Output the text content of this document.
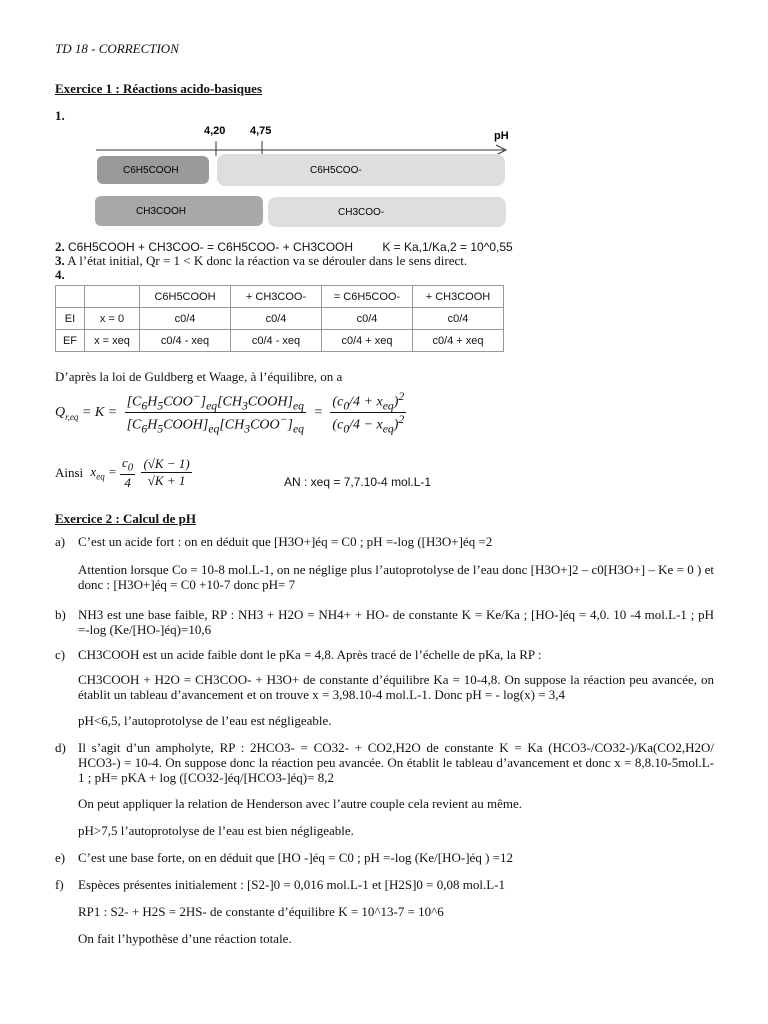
TD 18 - CORRECTION
Exercice 1 : Réactions acido-basiques
1.
4,20 4,75	pH
C6H5COOH	C6H5COO-
CH3COOH	CH3COO-
2. C6H5COOH + CH3COO- = C6H5COO- + CH3COOH K = Ka,1/Ka,2 = 10^0,55
3. A l’état initial, Qr = 1 < K donc la réaction va se dérouler dans le sens direct.
4.
		C6H5COOH	+ CH3COO-	= C6H5COO-	+ CH3COOH
EI	x = 0	c0/4	c0/4	c0/4	c0/4
EF	x = xeq	c0/4 - xeq	c0/4 - xeq	c0/4 + xeq	c0/4 + xeq
D’après la loi de Guldberg et Waage, à l’équilibre, on a
$Q_{r,eq} = K = \frac{[C_6H_5COO^-]_{eq}[CH_3COOH]_{eq}}{[C_6H_5COOH]_{eq}[CH_3COO^-]_{eq}} = \frac{(c_0/4 + x_{eq})^2}{(c_0/4 - x_{eq})^2}$
Ainsi $x_{eq} = \frac{c_0}{4}$
$\frac{(√K - 1)}{√K + 1}$	AN : xeq = 7,7.10-4 mol.L-1
Exercice 2 : Calcul de pH
a) C’est un acide fort : on en déduit que [H3O+]éq = C0 ; pH =-log ([H3O+]éq =2
Attention lorsque Co = 10-8 mol.L-1, on ne néglige plus l’autoprotolyse de l’eau donc [H3O+]2 – c0[H3O+] – Ke = 0 ) et donc : [H3O+]éq = C0 +10-7 donc pH= 7
b) NH3 est une base faible, RP : NH3 + H2O = NH4+ + HO- de constante K = Ke/Ka ; [HO-]éq = 4,0. 10 -4 mol.L-1 ; pH =-log (Ke/[HO-]éq)=10,6
c) CH3COOH est un acide faible dont le pKa = 4,8. Après tracé de l’échelle de pKa, la RP :
CH3COOH + H2O = CH3COO- + H3O+ de constante d’équilibre Ka = 10-4,8. On suppose la réaction peu avancée, on établit un tableau d’avancement et on trouve x = 3,98.10-4 mol.L-1. Donc pH = - log(x) = 3,4
pH<6,5, l’autoprotolyse de l’eau est négligeable.
d) Il s’agit d’un ampholyte, RP : 2HCO3- = CO32- + CO2,H2O de constante K = Ka (HCO3-/CO32-)/Ka(CO2,H2O/ HCO3-) = 10-4. On suppose donc la réaction peu avancée. On établit le tableau d’avancement et donc x = 8,8.10-5mol.L-1 ; pH= pKA + log ([CO32-]éq/[HCO3-]éq)= 8,2
On peut appliquer la relation de Henderson avec l’autre couple cela revient au même.
pH>7,5 l’autoprotolyse de l’eau est bien négligeable.
e) C’est une base forte, on en déduit que [HO -]éq = C0 ; pH =-log (Ke/[HO-]éq ) =12
f) Espèces présentes initialement : [S2-]0 = 0,016 mol.L-1 et [H2S]0 = 0,08 mol.L-1
RP1 : S2- + H2S = 2HS- de constante d’équilibre K = 10^13-7 = 10^6
On fait l’hypothèse d’une réaction totale.
